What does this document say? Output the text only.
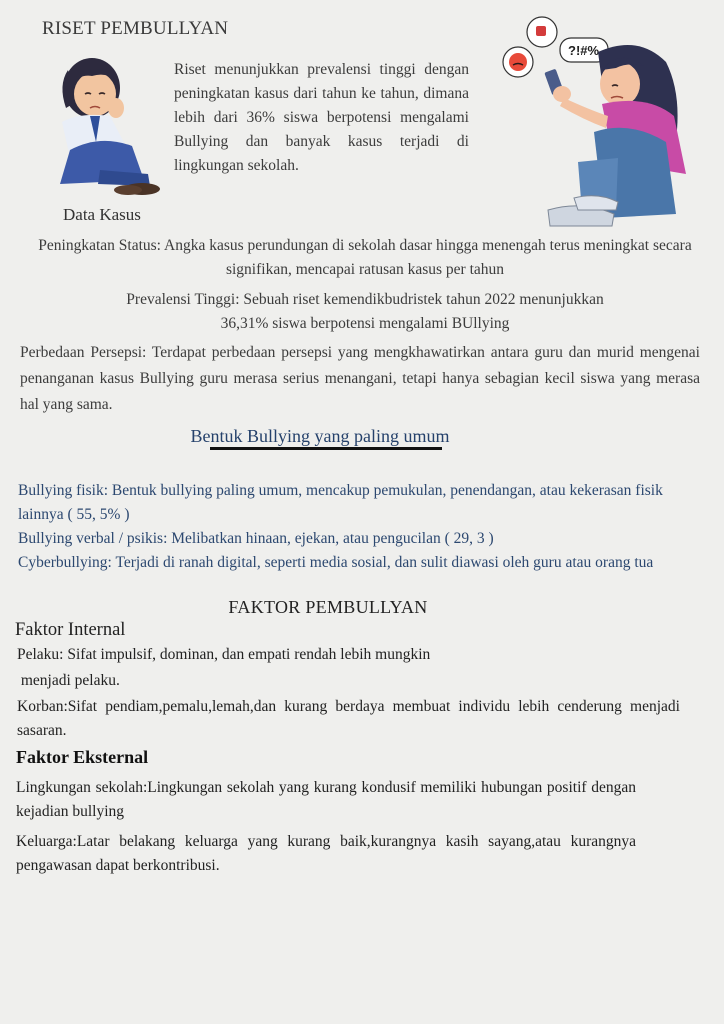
RISET PEMBULLYAN
?!#%
Riset menunjukkan prevalensi tinggi dengan peningkatan kasus dari tahun ke tahun, dimana lebih dari 36% siswa berpotensi mengalami Bullying dan banyak kasus terjadi di lingkungan sekolah.
Data Kasus
Peningkatan Status: Angka kasus perundungan di sekolah dasar hingga menengah terus meningkat secara signifikan, mencapai ratusan kasus per tahun
Prevalensi Tinggi: Sebuah riset kemendikbudristek tahun 2022 menunjukkan
36,31% siswa berpotensi mengalami BUllying
Perbedaan Persepsi: Terdapat perbedaan persepsi yang mengkhawatirkan antara guru dan murid mengenai penanganan kasus Bullying guru merasa serius menangani, tetapi hanya sebagian kecil siswa yang merasa hal yang sama.
Bentuk Bullying yang paling umum

Bullying fisik: Bentuk bullying paling umum, mencakup pemukulan, penendangan, atau kekerasan fisik lainnya ( 55, 5% )

Bullying verbal / psikis: Melibatkan hinaan, ejekan, atau pengucilan ( 29, 3 )

Cyberbullying: Terjadi di ranah digital, seperti media sosial, dan sulit diawasi oleh guru atau orang tua

FAKTOR PEMBULLYAN
Faktor Internal

Pelaku: Sifat impulsif, dominan, dan empati rendah lebih mungkin

menjadi pelaku.

Korban:Sifat pendiam,pemalu,lemah,dan kurang berdaya membuat individu lebih cenderung menjadi sasaran.

Faktor Eksternal

Lingkungan sekolah:Lingkungan sekolah yang kurang kondusif memiliki hubungan positif dengan kejadian bullying

Keluarga:Latar belakang keluarga yang kurang baik,kurangnya kasih sayang,atau kurangnya pengawasan dapat berkontribusi.
